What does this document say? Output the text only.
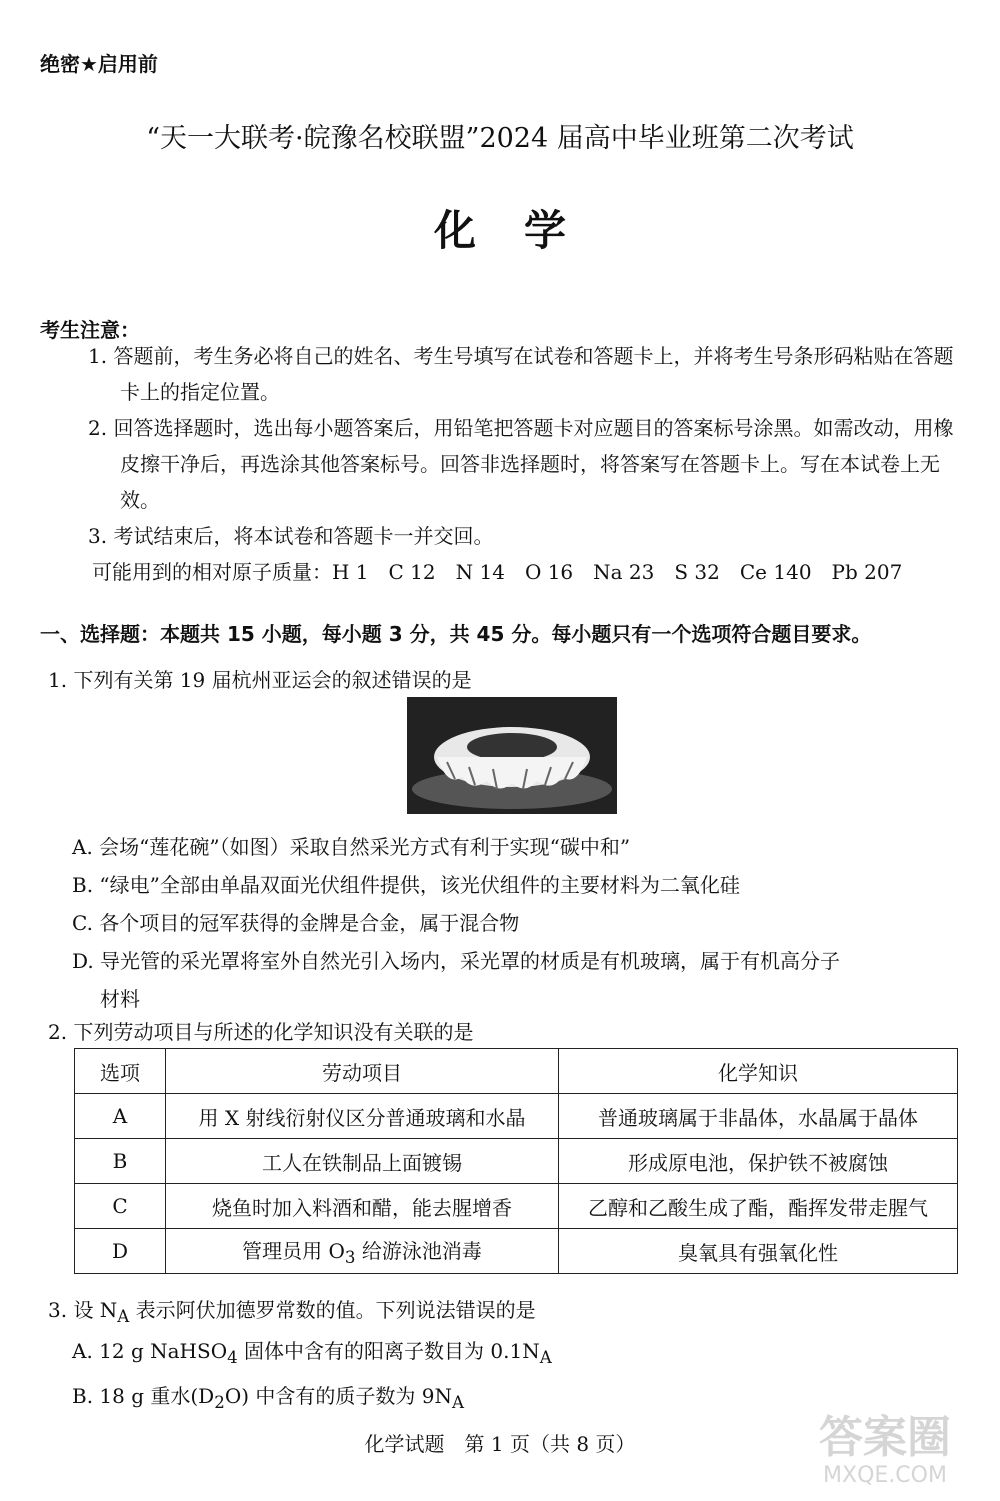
绝密★启用前
“天一大联考·皖豫名校联盟”2024 届高中毕业班第二次考试
化学
考生注意：
1. 答题前，考生务必将自己的姓名、考生号填写在试卷和答题卡上，并将考生号条形码粘贴在答题卡上的指定位置。
2. 回答选择题时，选出每小题答案后，用铅笔把答题卡对应题目的答案标号涂黑。如需改动，用橡皮擦干净后，再选涂其他答案标号。回答非选择题时，将答案写在答题卡上。写在本试卷上无效。
3. 考试结束后，将本试卷和答题卡一并交回。
可能用到的相对原子质量：H 1　C 12　N 14　O 16　Na 23　S 32　Ce 140　Pb 207
一、选择题：本题共 15 小题，每小题 3 分，共 45 分。每小题只有一个选项符合题目要求。
1. 下列有关第 19 届杭州亚运会的叙述错误的是
A. 会场“莲花碗”（如图）采取自然采光方式有利于实现“碳中和”
B. “绿电”全部由单晶双面光伏组件提供，该光伏组件的主要材料为二氧化硅
C. 各个项目的冠军获得的金牌是合金，属于混合物
D. 导光管的采光罩将室外自然光引入场内，采光罩的材质是有机玻璃，属于有机高分子
材料
2. 下列劳动项目与所述的化学知识没有关联的是
选项	劳动项目	化学知识
A	用 X 射线衍射仪区分普通玻璃和水晶	普通玻璃属于非晶体，水晶属于晶体
B	工人在铁制品上面镀锡	形成原电池，保护铁不被腐蚀
C	烧鱼时加入料酒和醋，能去腥增香	乙醇和乙酸生成了酯，酯挥发带走腥气
D	管理员用 $O_3$ 给游泳池消毒	臭氧具有强氧化性
3. 设 $N_A$ 表示阿伏加德罗常数的值。下列说法错误的是
A. 12 g NaHSO$_4$ 固体中含有的阳离子数目为 $0.1N_A$
B. 18 g 重水$(D_2O)$ 中含有的质子数为 $9N_A$
化学试题　第 1 页（共 8 页）	答案圈
MXQE.COM
